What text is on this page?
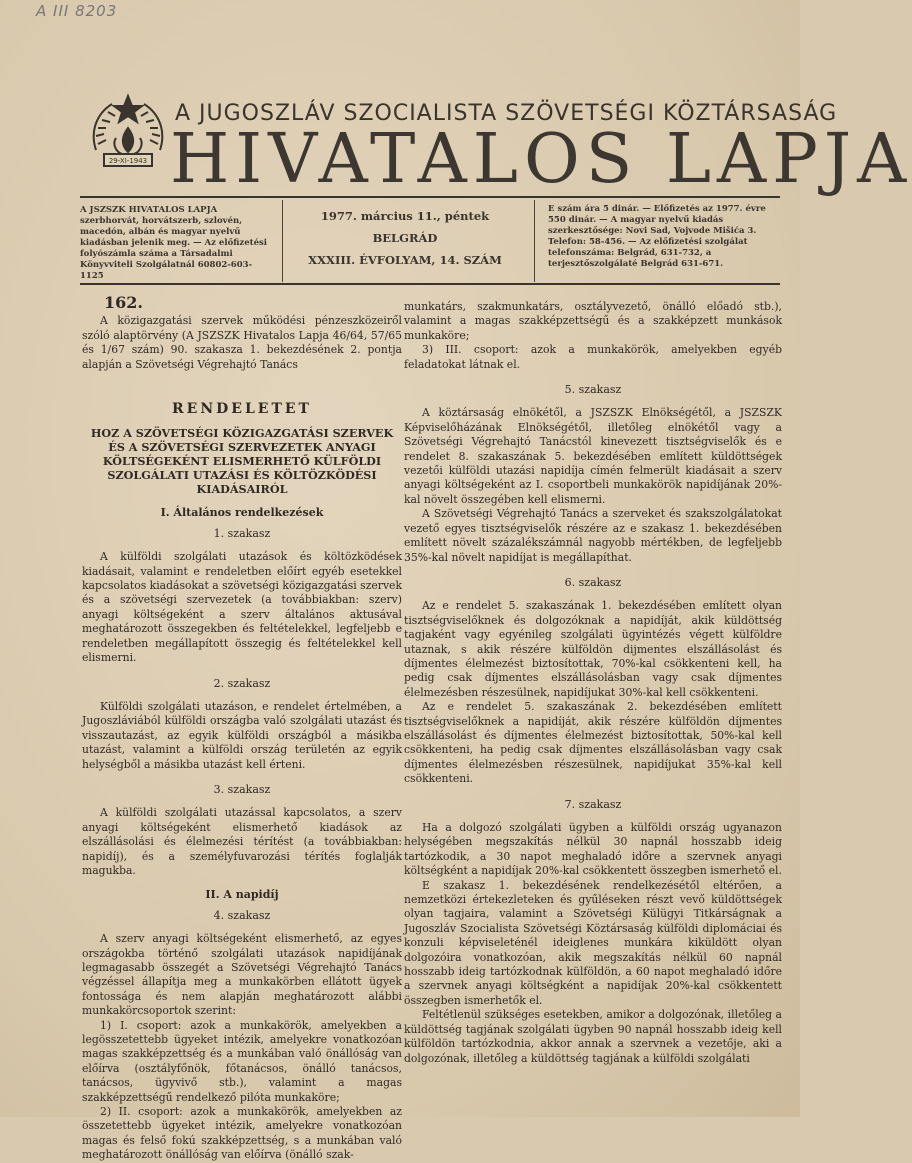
A III 8203
29-XI-1943
A JUGOSZLÁV SZOCIALISTA SZÖVETSÉGI KÖZTÁRSASÁG
HIVATALOS LAPJA
A JSZSZK HIVATALOS LAPJA szerbhorvát, horvátszerb, szlovén, macedón, albán és magyar nyelvű kiadásban jelenik meg. — Az előfizetési folyószámla száma a Társadalmi Könyvviteli Szolgálatnál 60802-603-1125
1977. március 11., péntek
BELGRÁD
XXXIII. ÉVFOLYAM, 14. SZÁM
E szám ára 5 dinár. — Előfizetés az 1977. évre 550 dinár. — A magyar nyelvű kiadás szerkesztősége: Novi Sad, Vojvode Mišića 3. Telefon: 58-456. — Az előfizetési szolgálat telefonszáma: Belgrád, 631-732, a terjesztőszolgálaté Belgrád 631-671.
162.

A közigazgatási szervek működési pénzeszközeiről szóló alaptörvény (A JSZSZK Hivatalos Lapja 46/64, 57/65 és 1/67 szám) 90. szakasza 1. bekezdésének 2. pontja alapján a Szövetségi Végrehajtó Tanács

RENDELETET
HOZ A SZÖVETSÉGI KÖZIGAZGATÁSI SZERVEK ÉS A SZÖVETSÉGI SZERVEZETEK ANYAGI KÖLTSÉGEKÉNT ELISMERHETŐ KÜLFÖLDI SZOLGÁLATI UTAZÁSI ÉS KÖLTÖZKÖDÉSI KIADÁSAIRÓL
I. Általános rendelkezések
1. szakasz

A külföldi szolgálati utazások és költözködések kiadásait, valamint e rendeletben előírt egyéb esetekkel kapcsolatos kiadásokat a szövetségi közigazgatási szervek és a szövetségi szervezetek (a továbbiakban: szerv) anyagi költségeként a szerv általános aktusával meghatározott összegekben és feltételekkel, legfeljebb e rendeletben megállapított összegig és feltételekkel kell elismerni.

2. szakasz

Külföldi szolgálati utazáson, e rendelet értelmében, a Jugoszláviából külföldi országba való szolgálati utazást és visszautazást, az egyik külföldi országból a másikba utazást, valamint a külföldi ország területén az egyik helységből a másikba utazást kell érteni.

3. szakasz

A külföldi szolgálati utazással kapcsolatos, a szerv anyagi költségeként elismerhető kiadások az elszállásolási és élelmezési térítést (a továbbiakban: napidíj), és a személyfuvarozási térítés foglalják magukba.

II. A napidíj
4. szakasz

A szerv anyagi költségeként elismerhető, az egyes országokba történő szolgálati utazások napidíjának legmagasabb összegét a Szövetségi Végrehajtó Tanács végzéssel állapítja meg a munkakörben ellátott ügyek fontossága és nem alapján meghatározott alábbi munkakörcsoportok szerint:

1) I. csoport: azok a munkakörök, amelyekben a legösszetettebb ügyeket intézik, amelyekre vonatkozóan magas szakképzettség és a munkában való önállóság van előírva (osztályfőnök, főtanácsos, önálló tanácsos, tanácsos, ügyvivő stb.), valamint a magas szakképzettségű rendelkező pilóta munkaköre;

2) II. csoport: azok a munkakörök, amelyekben az összetettebb ügyeket intézik, amelyekre vonatkozóan magas és felső fokú szakképzettség, s a munkában való meghatározott önállóság van előírva (önálló szak-

munkatárs, szakmunkatárs, osztályvezető, önálló előadó stb.), valamint a magas szakképzettségű és a szakképzett munkások munkaköre;

3) III. csoport: azok a munkakörök, amelyekben egyéb feladatokat látnak el.

5. szakasz

A köztársaság elnökétől, a JSZSZK Elnökségétől, a JSZSZK Képviselőházának Elnökségétől, illetőleg elnökétől vagy a Szövetségi Végrehajtó Tanácstól kinevezett tisztségviselők és e rendelet 8. szakaszának 5. bekezdésében említett küldöttségek vezetői külföldi utazási napidíja címén felmerült kiadásait a szerv anyagi költségeként az I. csoportbeli munkakörök napidíjának 20%-kal növelt összegében kell elismerni.

A Szövetségi Végrehajtó Tanács a szerveket és szakszolgálatokat vezető egyes tisztségviselők részére az e szakasz 1. bekezdésében említett növelt százalékszámnál nagyobb mértékben, de legfeljebb 35%-kal növelt napidíjat is megállapíthat.

6. szakasz

Az e rendelet 5. szakaszának 1. bekezdésében említett olyan tisztségviselőknek és dolgozóknak a napidíját, akik küldöttség tagjaként vagy egyénileg szolgálati ügyintézés végett külföldre utaznak, s akik részére külföldön dijmentes elszállásolást és díjmentes élelmezést biztosítottak, 70%-kal csökkenteni kell, ha pedig csak díjmentes elszállásolásban vagy csak díjmentes élelmezésben részesülnek, napidíjukat 30%-kal kell csökkenteni.

Az e rendelet 5. szakaszának 2. bekezdésében említett tisztségviselőknek a napidíját, akik részére külföldön díjmentes elszállásolást és díjmentes élelmezést biztosítottak, 50%-kal kell csökkenteni, ha pedig csak díjmentes elszállásolásban vagy csak díjmentes élelmezésben részesülnek, napidíjukat 35%-kal kell csökkenteni.

7. szakasz

Ha a dolgozó szolgálati ügyben a külföldi ország ugyanazon helységében megszakítás nélkül 30 napnál hosszabb ideig tartózkodik, a 30 napot meghaladó időre a szervnek anyagi költségként a napidíjak 20%-kal csökkentett összegben ismerhető el.

E szakasz 1. bekezdésének rendelkezésétől eltérően, a nemzetközi értekezleteken és gyűléseken részt vevő küldöttségek olyan tagjaira, valamint a Szövetségi Külügyi Titkárságnak a Jugoszláv Szocialista Szövetségi Köztársaság külföldi diplomáciai és konzuli képviseleténél ideiglenes munkára kiküldött olyan dolgozóira vonatkozóan, akik megszakítás nélkül 60 napnál hosszabb ideig tartózkodnak külföldön, a 60 napot meghaladó időre a szervnek anyagi költségként a napidíjak 20%-kal csökkentett összegben ismerhetők el.

Feltétlenül szükséges esetekben, amikor a dolgozónak, illetőleg a küldöttség tagjának szolgálati ügyben 90 napnál hosszabb ideig kell külföldön tartózkodnia, akkor annak a szervnek a vezetője, aki a dolgozónak, illetőleg a küldöttség tagjának a külföldi szolgálati
